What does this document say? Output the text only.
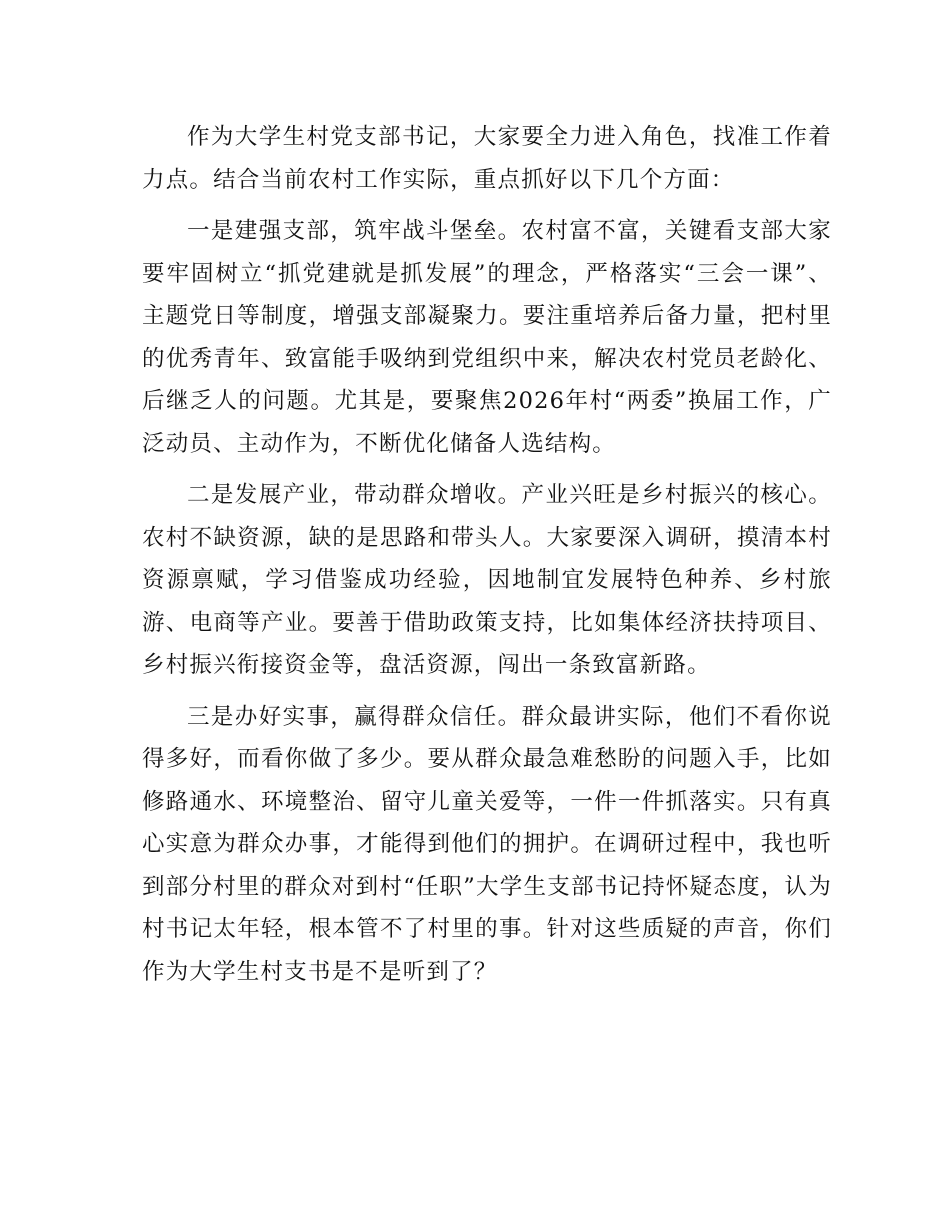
作为大学生村党支部书记，大家要全力进入角色，找准工作着力点。结合当前农村工作实际，重点抓好以下几个方面：

一是建强支部，筑牢战斗堡垒。农村富不富，关键看支部大家要牢固树立“抓党建就是抓发展”的理念，严格落实“三会一课”、主题党日等制度，增强支部凝聚力。要注重培养后备力量，把村里的优秀青年、致富能手吸纳到党组织中来，解决农村党员老龄化、后继乏人的问题。尤其是，要聚焦2026年村“两委”换届工作，广泛动员、主动作为，不断优化储备人选结构。

二是发展产业，带动群众增收。产业兴旺是乡村振兴的核心。农村不缺资源，缺的是思路和带头人。大家要深入调研，摸清本村资源禀赋，学习借鉴成功经验，因地制宜发展特色种养、乡村旅游、电商等产业。要善于借助政策支持，比如集体经济扶持项目、乡村振兴衔接资金等，盘活资源，闯出一条致富新路。

三是办好实事，赢得群众信任。群众最讲实际，他们不看你说得多好，而看你做了多少。要从群众最急难愁盼的问题入手，比如修路通水、环境整治、留守儿童关爱等，一件一件抓落实。只有真心实意为群众办事，才能得到他们的拥护。在调研过程中，我也听到部分村里的群众对到村“任职”大学生支部书记持怀疑态度，认为村书记太年轻，根本管不了村里的事。针对这些质疑的声音，你们作为大学生村支书是不是听到了？
